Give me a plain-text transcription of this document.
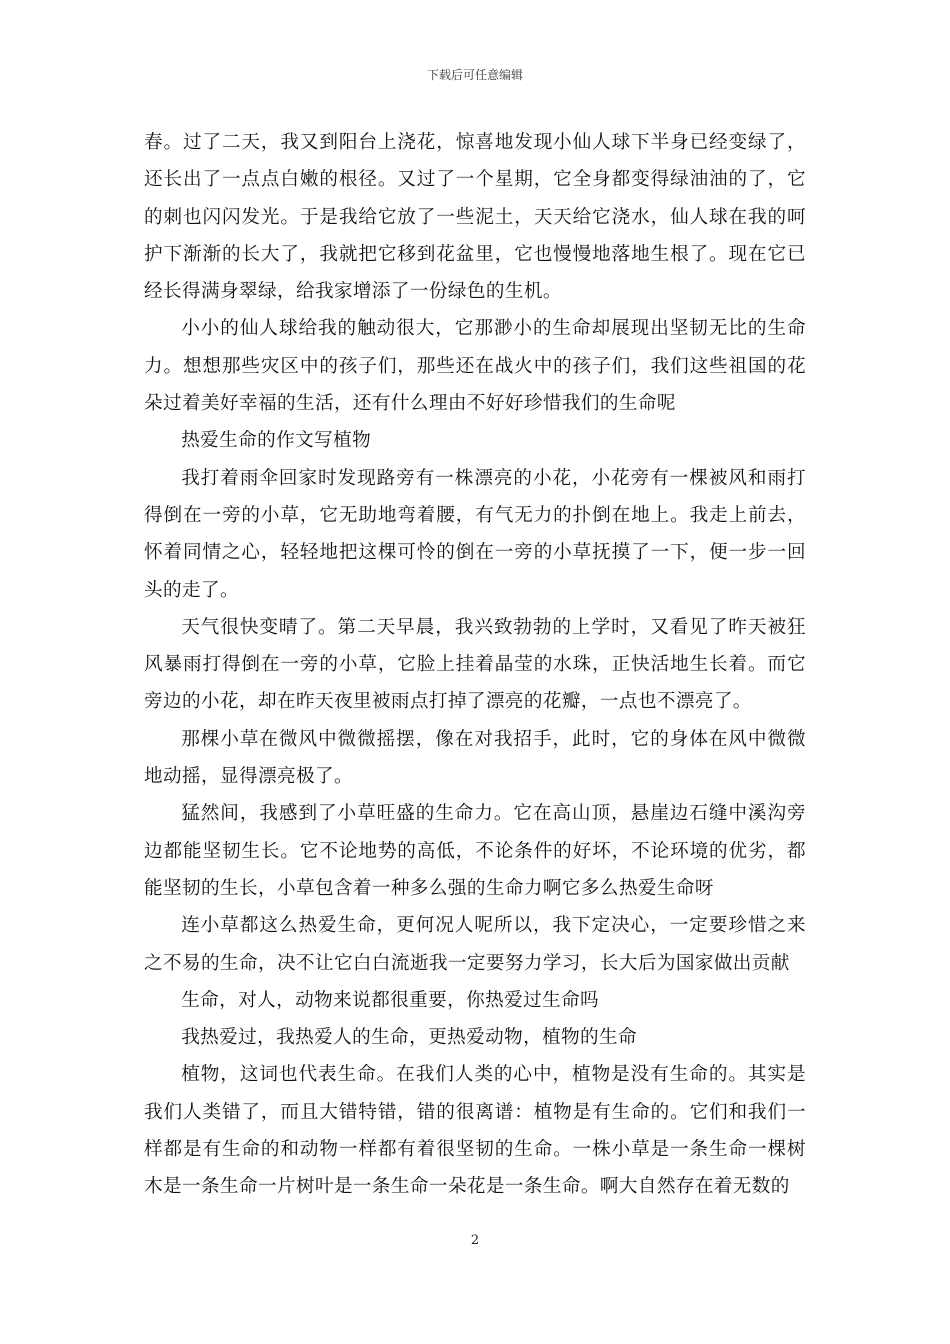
下载后可任意编辑

春。过了二天，我又到阳台上浇花，惊喜地发现小仙人球下半身已经变绿了，还长出了一点点白嫩的根径。又过了一个星期，它全身都变得绿油油的了，它的刺也闪闪发光。于是我给它放了一些泥土，天天给它浇水，仙人球在我的呵护下渐渐的长大了，我就把它移到花盆里，它也慢慢地落地生根了。现在它已经长得满身翠绿，给我家增添了一份绿色的生机。

小小的仙人球给我的触动很大，它那渺小的生命却展现出坚韧无比的生命力。想想那些灾区中的孩子们，那些还在战火中的孩子们，我们这些祖国的花朵过着美好幸福的生活，还有什么理由不好好珍惜我们的生命呢

热爱生命的作文写植物

我打着雨伞回家时发现路旁有一株漂亮的小花，小花旁有一棵被风和雨打得倒在一旁的小草，它无助地弯着腰，有气无力的扑倒在地上。我走上前去，怀着同情之心，轻轻地把这棵可怜的倒在一旁的小草抚摸了一下，便一步一回头的走了。

天气很快变晴了。第二天早晨，我兴致勃勃的上学时，又看见了昨天被狂风暴雨打得倒在一旁的小草，它脸上挂着晶莹的水珠，正快活地生长着。而它旁边的小花，却在昨天夜里被雨点打掉了漂亮的花瓣，一点也不漂亮了。

那棵小草在微风中微微摇摆，像在对我招手，此时，它的身体在风中微微地动摇，显得漂亮极了。

猛然间，我感到了小草旺盛的生命力。它在高山顶，悬崖边石缝中溪沟旁边都能坚韧生长。它不论地势的高低，不论条件的好坏，不论环境的优劣，都能坚韧的生长，小草包含着一种多么强的生命力啊它多么热爱生命呀

连小草都这么热爱生命，更何况人呢所以，我下定决心，一定要珍惜之来之不易的生命，决不让它白白流逝我一定要努力学习，长大后为国家做出贡献

生命，对人，动物来说都很重要，你热爱过生命吗

我热爱过，我热爱人的生命，更热爱动物，植物的生命

植物，这词也代表生命。在我们人类的心中，植物是没有生命的。其实是我们人类错了，而且大错特错，错的很离谱：植物是有生命的。它们和我们一样都是有生命的和动物一样都有着很坚韧的生命。一株小草是一条生命一棵树木是一条生命一片树叶是一条生命一朵花是一条生命。啊大自然存在着无数的

2
